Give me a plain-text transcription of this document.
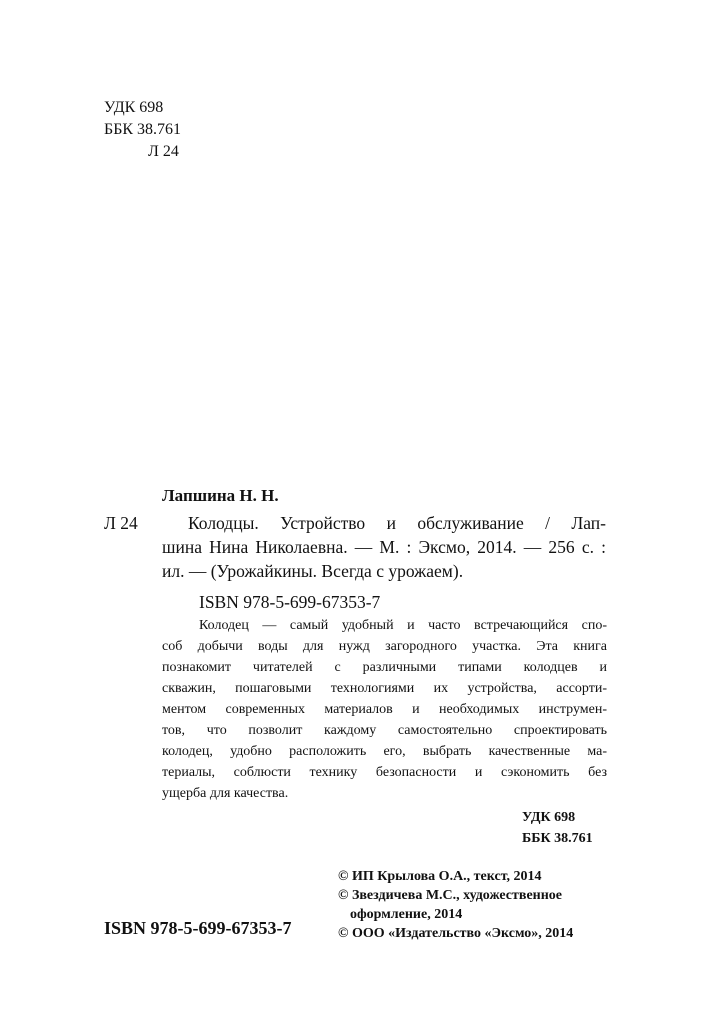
УДК 698
ББК 38.761
Л 24
Лапшина Н. Н.
Л 24	Колодцы. Устройство и обслуживание / Лап-
шина Нина Николаевна. — М. : Эксмо, 2014. — 256 с. :
ил. — (Урожайкины. Всегда с урожаем).
ISBN 978-5-699-67353-7
Колодец — самый удобный и часто встречающийся спо-
соб добычи воды для нужд загородного участка. Эта книга
познакомит читателей с различными типами колодцев и
скважин, пошаговыми технологиями их устройства, ассорти-
ментом современных материалов и необходимых инструмен-
тов, что позволит каждому самостоятельно спроектировать
колодец, удобно расположить его, выбрать качественные ма-
териалы, соблюсти технику безопасности и сэкономить без
ущерба для качества.
УДК 698
ББК 38.761
ISBN 978-5-699-67353-7
© ИП Крылова О.А., текст, 2014
© Звездичева М.С., художественное
оформление, 2014
© ООО «Издательство «Эксмо», 2014
